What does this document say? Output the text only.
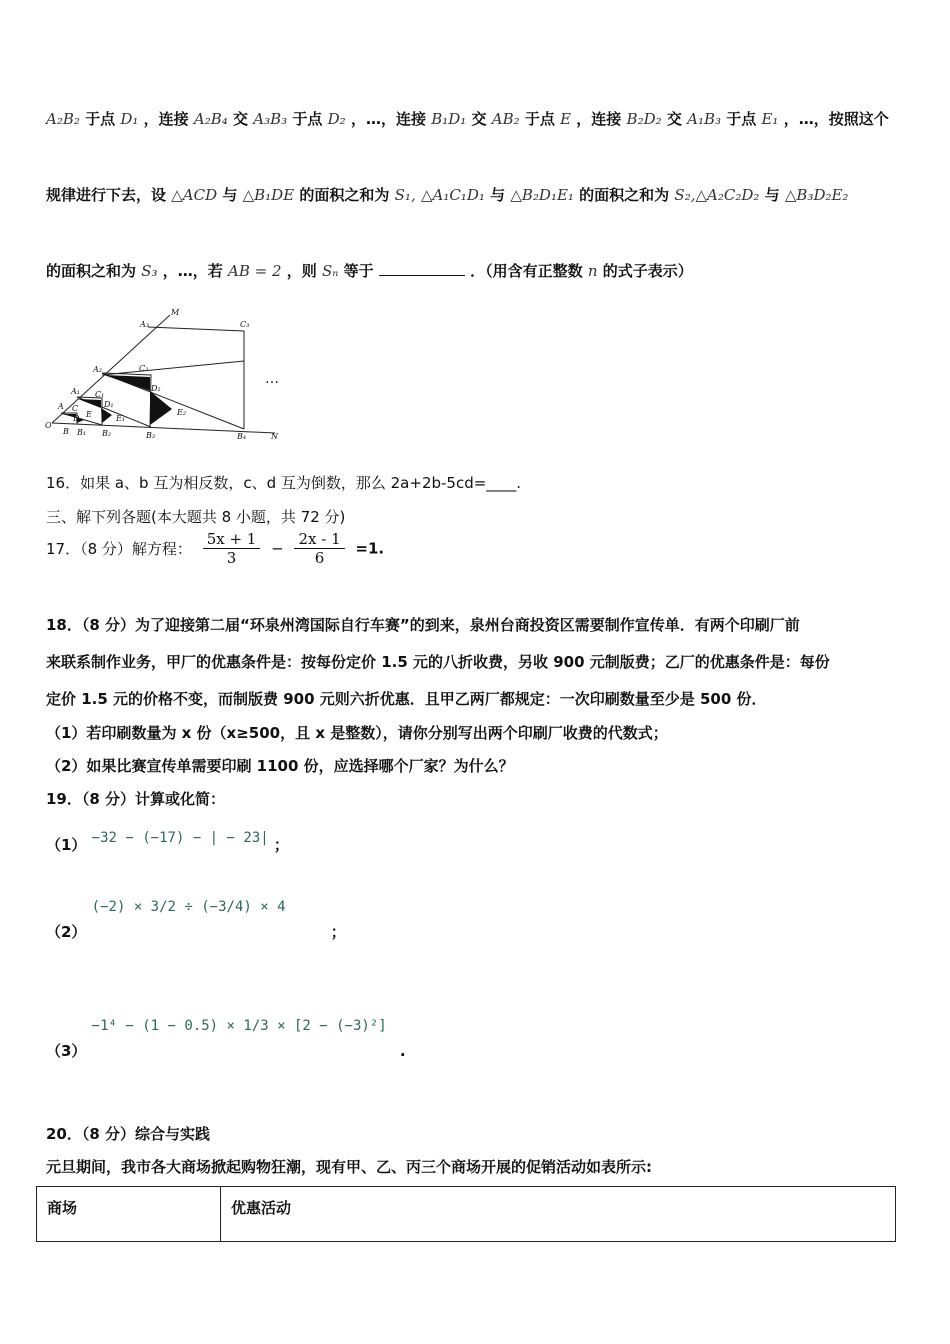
A₂B₂ 于点 D₁ ，连接 A₂B₄ 交 A₃B₃ 于点 D₂ ，…，连接 B₁D₁ 交 AB₂ 于点 E ，连接 B₂D₂ 交 A₁B₃ 于点 E₁ ，…，按照这个
规律进行下去，设 △ACD 与 △B₁DE 的面积之和为 S₁, △A₁C₁D₁ 与 △B₂D₁E₁ 的面积之和为 S₂,△A₂C₂D₂ 与 △B₃D₂E₂
的面积之和为 S₃ ，…，若 AB = 2 ，则 Sₙ 等于	．（用含有正整数 n 的式子表示）
M
A₃	C₃
A₂	C₂
D₂
A₁ C₁
D₁
A C
D E	E₁
E₂
O
B B₁ B₂	B₃	B₄	N
…
16．如果 a、b 互为相反数，c、d 互为倒数，那么 2a+2b-5cd=____.
三、解下列各题(本大题共 8 小题，共 72 分)
17．（8 分）解方程： $\frac{5x + 1}{3} - \frac{2x - 1}{6} =1$.
18．（8 分）为了迎接第二届“环泉州湾国际自行车赛”的到来，泉州台商投资区需要制作宣传单．有两个印刷厂前
来联系制作业务，甲厂的优惠条件是：按每份定价 1.5 元的八折收费，另收 900 元制版费；乙厂的优惠条件是：每份
定价 1.5 元的价格不变，而制版费 900 元则六折优惠．且甲乙两厂都规定：一次印刷数量至少是 500 份．
（1）若印刷数量为 x 份（x≥500，且 x 是整数），请你分别写出两个印刷厂收费的代数式；
（2）如果比赛宣传单需要印刷 1100 份，应选择哪个厂家？为什么？
19．（8 分）计算或化简：
（1） −32 − (−17) − | − 23| ；
（2） (−2) × 3/2 ÷ (−3/4) × 4 ；
（3） −1⁴ − (1 − 0.5) × 1/3 × [2 − (−3)²] .
20．（8 分）综合与实践
元旦期间，我市各大商场掀起购物狂潮，现有甲、乙、丙三个商场开展的促销活动如表所示:
商场	优惠活动
